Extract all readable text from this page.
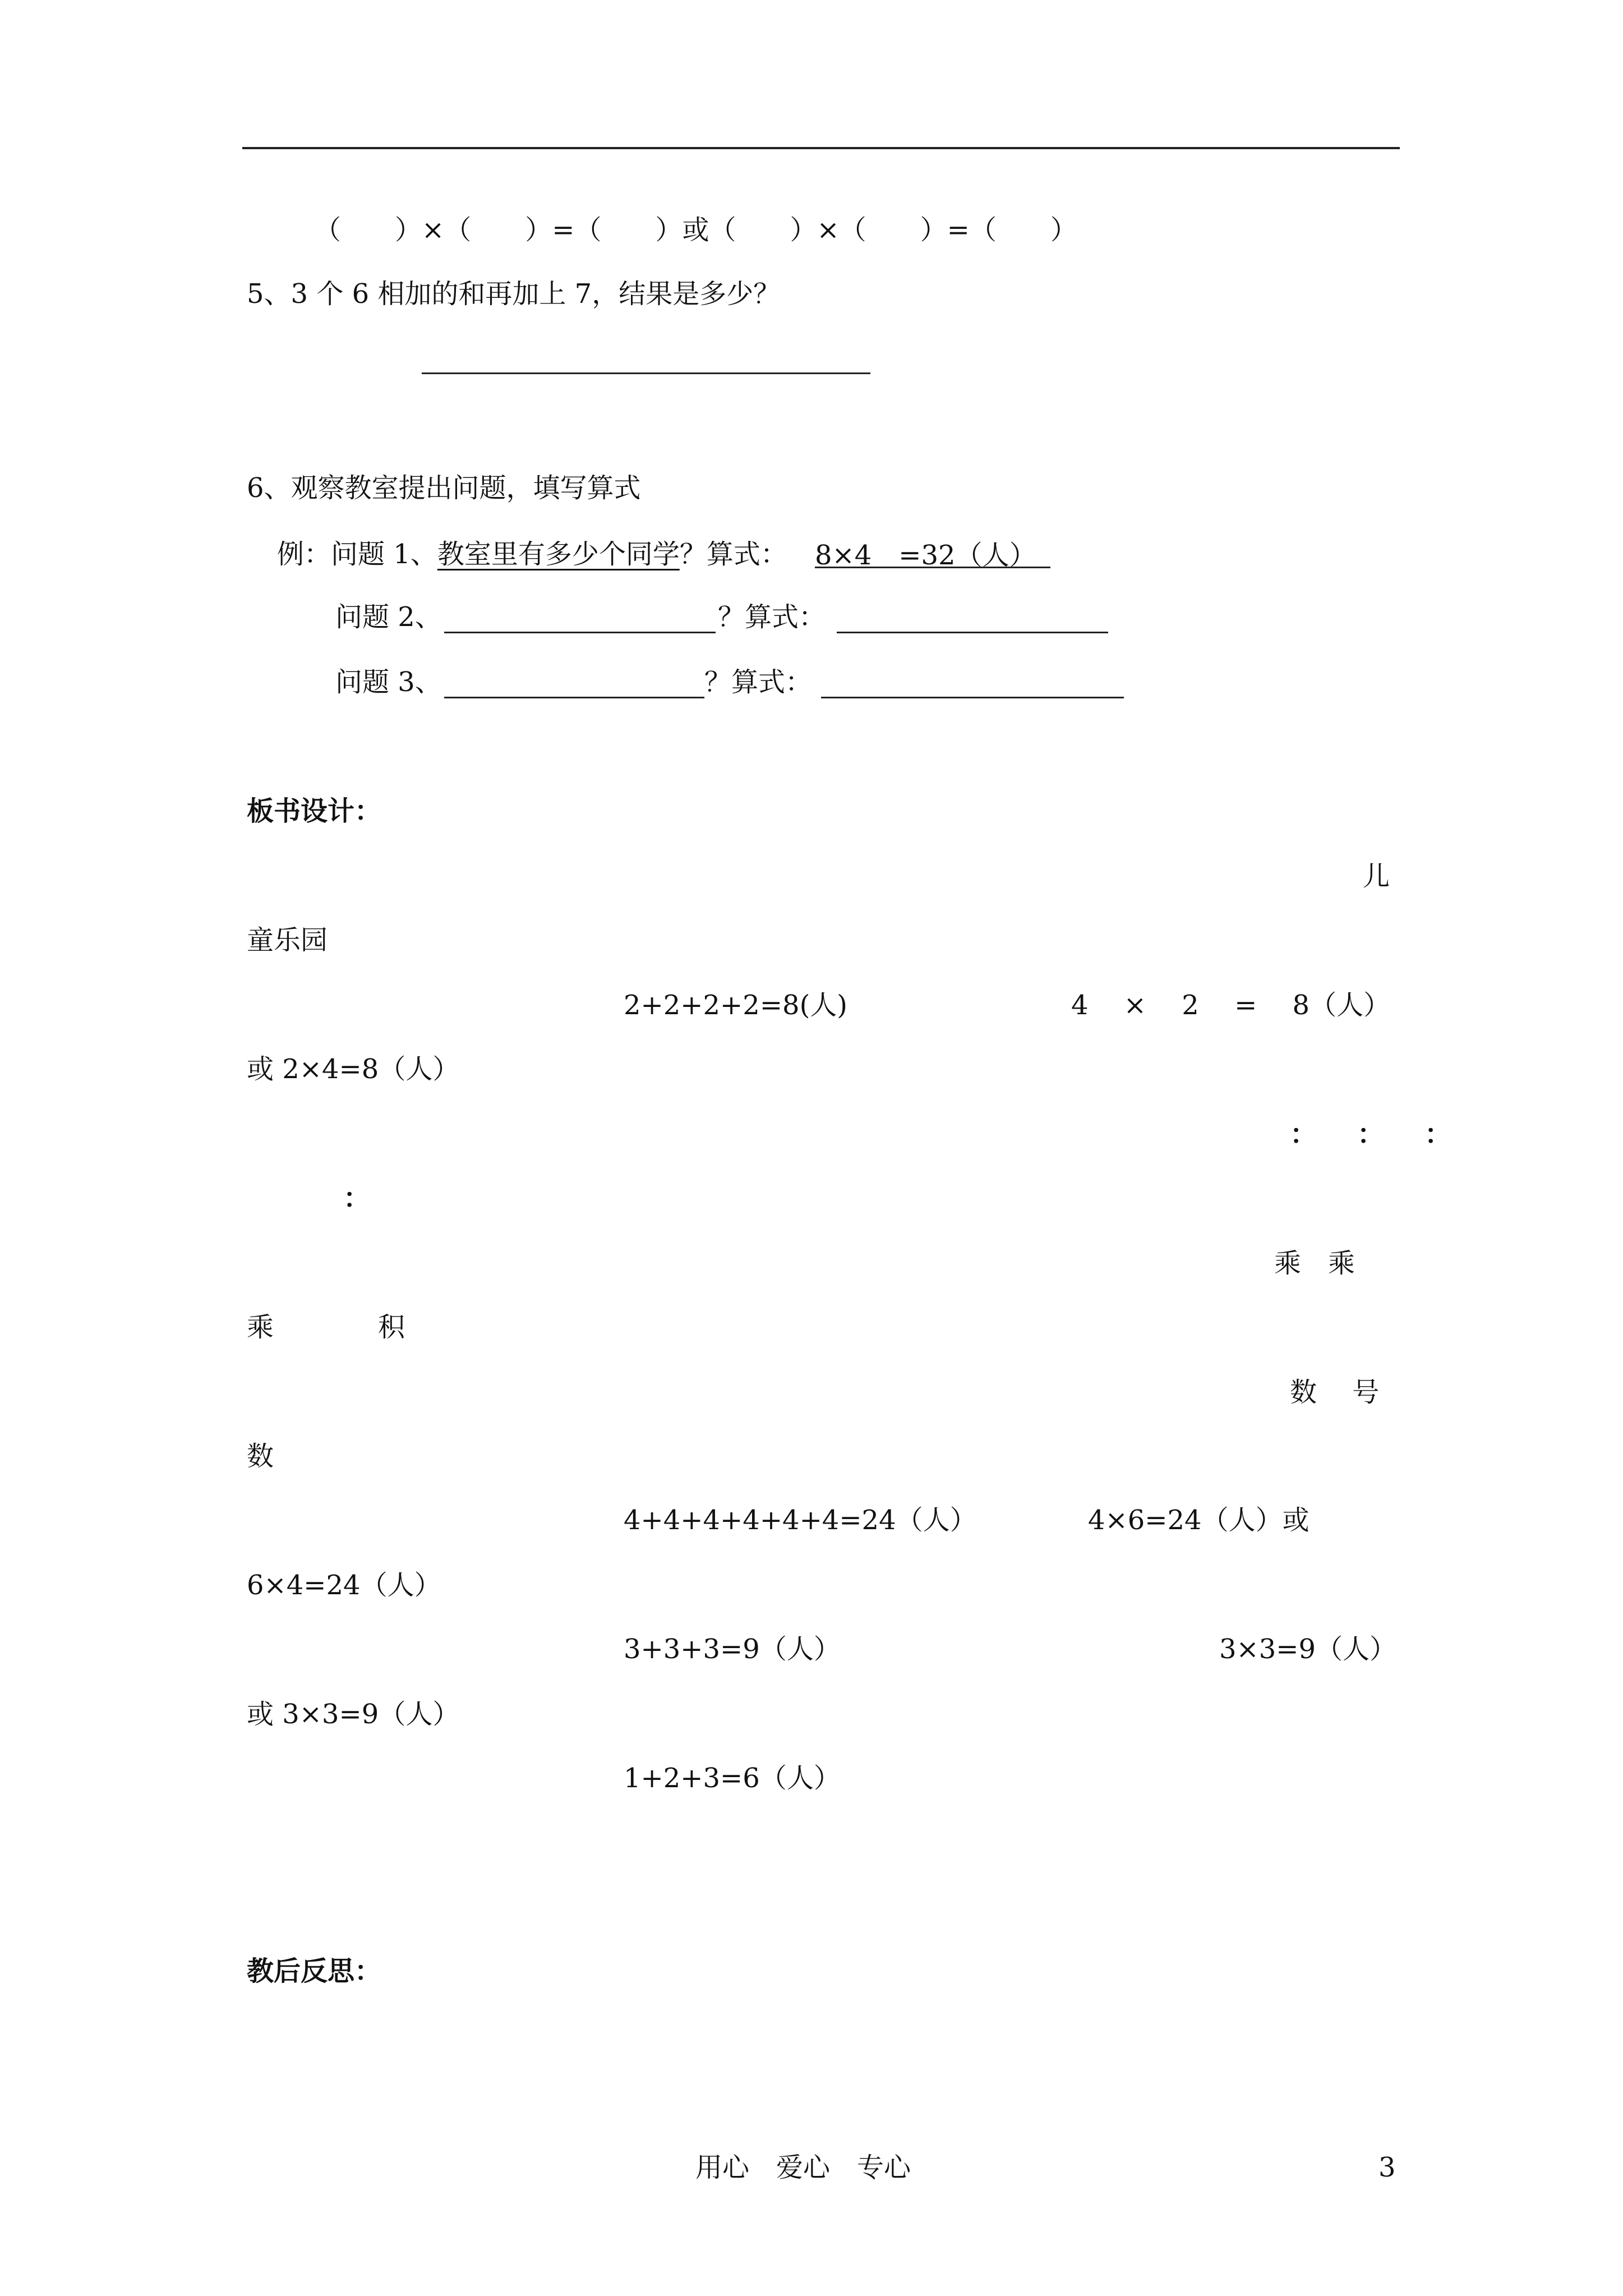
（　　）×（　　）=（　　）或（　　）×（　　）=（　　）
5、3 个 6 相加的和再加上 7，结果是多少？
6、观察教室提出问题，填写算式
例：问题 1、教室里有多少个同学？算式： 8×4　=32（人）
问题 2、	？算式：
问题 3、	？算式：
板书设计：
儿
童乐园
2+2+2+2=8(人)	4　 ×　 2　 =　 8（人）
或 2×4=8（人）
：　　：　　：
：
乘　乘
乘	积
数　 号
数
4+4+4+4+4+4=24（人）	4×6=24（人）或
6×4=24（人）
3+3+3=9（人）	3×3=9（人）
或 3×3=9（人）
1+2+3=6（人）
教后反思：
用心　爱心　专心	3
